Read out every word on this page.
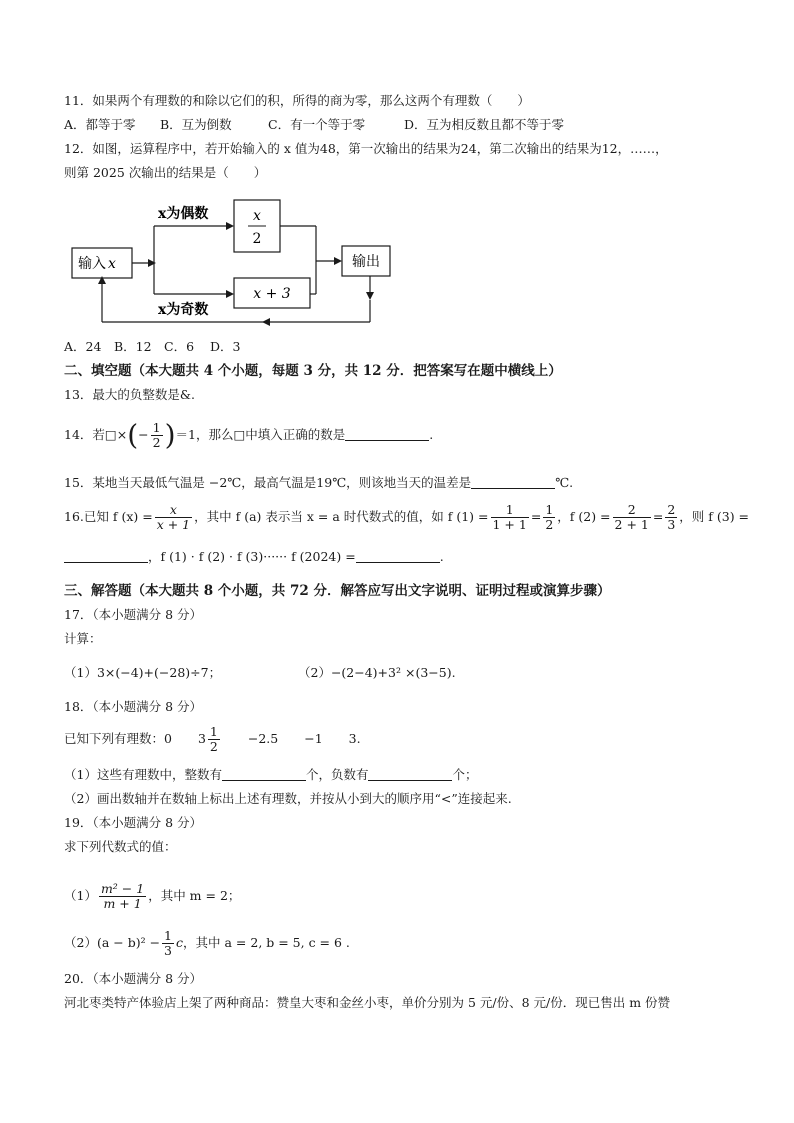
11．如果两个有理数的和除以它们的积，所得的商为零，那么这两个有理数（　　）
A．都等于零 B．互为倒数	C．有一个等于零	D．互为相反数且都不等于零
12．如图，运算程序中，若开始输入的 x 值为48，第一次输出的结果为24，第二次输出的结果为12，……，
则第 2025 次输出的结果是（　　）
输入 x
x为偶数
x为奇数
x
2
x + 3
输出
A．24 B．12 C．6 D．3
二、填空题（本大题共 4 个小题，每题 3 分，共 12 分．把答案写在题中横线上）
13．最大的负整数是&.
14．若□×(− $\frac{1}{2} )=1$，那么□中填入正确的数是	.
15．某地当天最低气温是 −2℃，最高气温是19℃，则该地当天的温差是	℃.
16.已知 f $(x) = \frac{x}{x + 1}$ ，其中 f (a) 表示当 x = a 时代数式的值，如 f $(1) = \frac{1}{1 + 1} = \frac{1}{2}$ ，f $(2) = \frac{2}{2 + 1} = \frac{2}{3}$ ，则 f (3) =
，f (1) · f (2) · f (3)······ f (2024) =	.
三、解答题（本大题共 8 个小题，共 72 分．解答应写出文字说明、证明过程或演算步骤）
17．（本小题满分 8 分）
计算：
（1）3×(−4)+(−28)÷7；	（2）−(2−4)+3² ×(3−5).
18．（本小题满分 8 分）
已知下列有理数：0 $3 \frac{1}{2} -2.5 -1$ 3.
（1）这些有理数中，整数有	个，负数有	个；
（2）画出数轴并在数轴上标出上述有理数，并按从小到大的顺序用“<”连接起来.
19．（本小题满分 8 分）
求下列代数式的值：
$(1) \frac{\text{m² − 1}}{m + 1}$ ，其中 m = 2；
$(2)(a - b)^2 - \frac{1}{3}$ c，其中 a = 2, b = 5, c = 6 .
20．（本小题满分 8 分）
河北枣类特产体验店上架了两种商品：赞皇大枣和金丝小枣，单价分别为 5 元/份、8 元/份．现已售出 m 份赞
